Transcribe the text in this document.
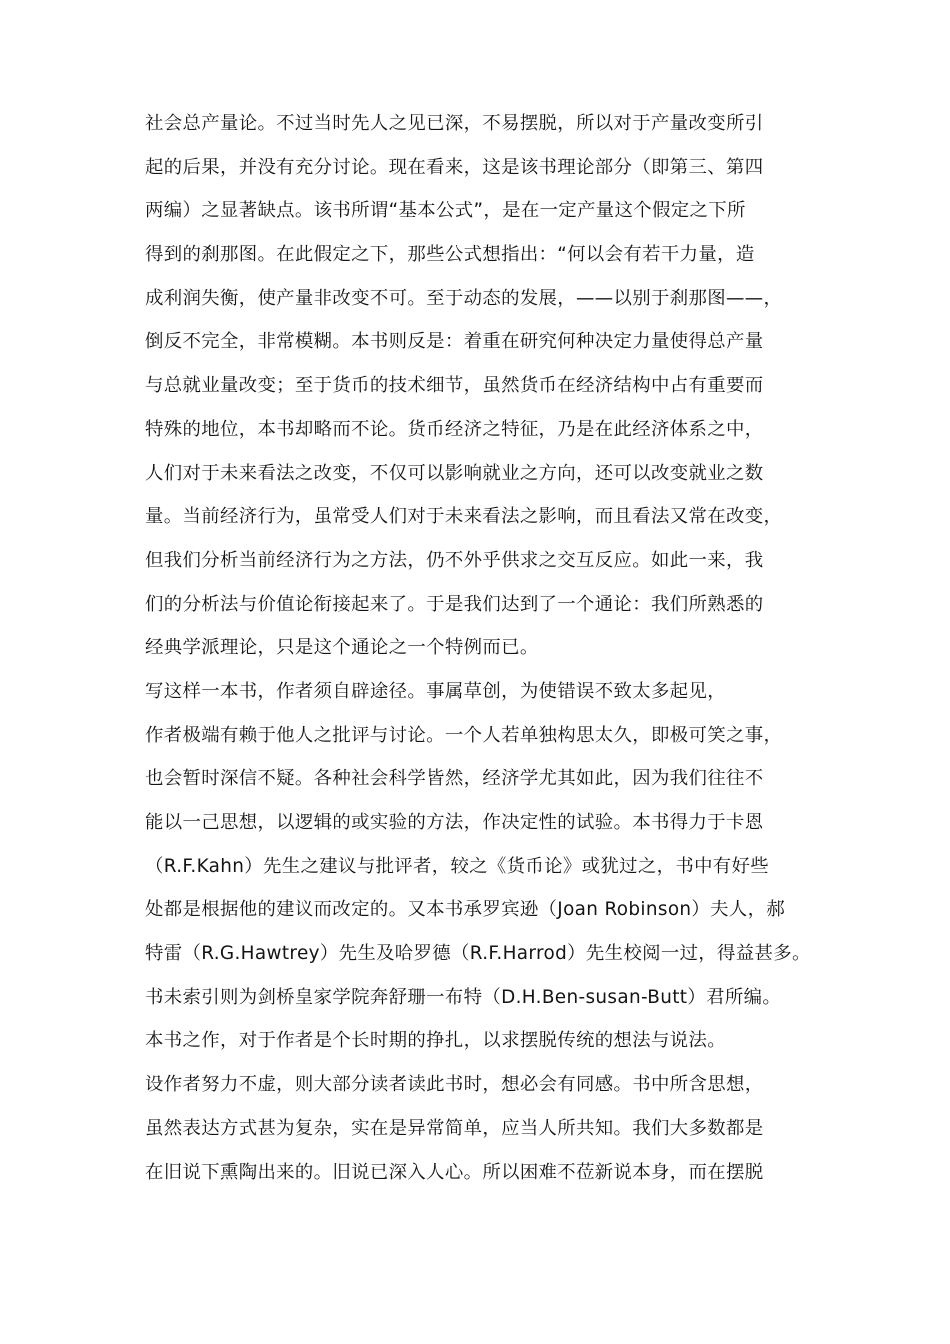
社会总产量论。不过当时先人之见已深，不易摆脱，所以对于产量改变所引
起的后果，并没有充分讨论。现在看来，这是该书理论部分（即第三、第四
两编）之显著缺点。该书所谓“基本公式”，是在一定产量这个假定之下所
得到的刹那图。在此假定之下，那些公式想指出：“何以会有若干力量，造
成利润失衡，使产量非改变不可。至于动态的发展，——以别于刹那图——，
倒反不完全，非常模糊。本书则反是：着重在研究何种决定力量使得总产量
与总就业量改变；至于货币的技术细节，虽然货币在经济结构中占有重要而
特殊的地位，本书却略而不论。货币经济之特征，乃是在此经济体系之中，
人们对于未来看法之改变，不仅可以影响就业之方向，还可以改变就业之数
量。当前经济行为，虽常受人们对于未来看法之影响，而且看法又常在改变，
但我们分析当前经济行为之方法，仍不外乎供求之交互反应。如此一来，我
们的分析法与价值论衔接起来了。于是我们达到了一个通论：我们所熟悉的
经典学派理论，只是这个通论之一个特例而已。
写这样一本书，作者须自辟途径。事属草创，为使错误不致太多起见，
作者极端有赖于他人之批评与讨论。一个人若单独构思太久，即极可笑之事，
也会暂时深信不疑。各种社会科学皆然，经济学尤其如此，因为我们往往不
能以一己思想，以逻辑的或实验的方法，作决定性的试验。本书得力于卡恩
（R.F.Kahn）先生之建议与批评者，较之《货币论》或犹过之，书中有好些
处都是根据他的建议而改定的。又本书承罗宾逊（Joan Robinson）夫人，郝
特雷（R.G.Hawtrey）先生及哈罗德（R.F.Harrod）先生校阅一过，得益甚多。
书未索引则为剑桥皇家学院奔舒珊一布特（D.H.Ben-susan-Butt）君所编。
本书之作，对于作者是个长时期的挣扎，以求摆脱传统的想法与说法。
设作者努力不虚，则大部分读者读此书时，想必会有同感。书中所含思想，
虽然表达方式甚为复杂，实在是异常简单，应当人所共知。我们大多数都是
在旧说下熏陶出来的。旧说已深入人心。所以困难不莅新说本身，而在摆脱
